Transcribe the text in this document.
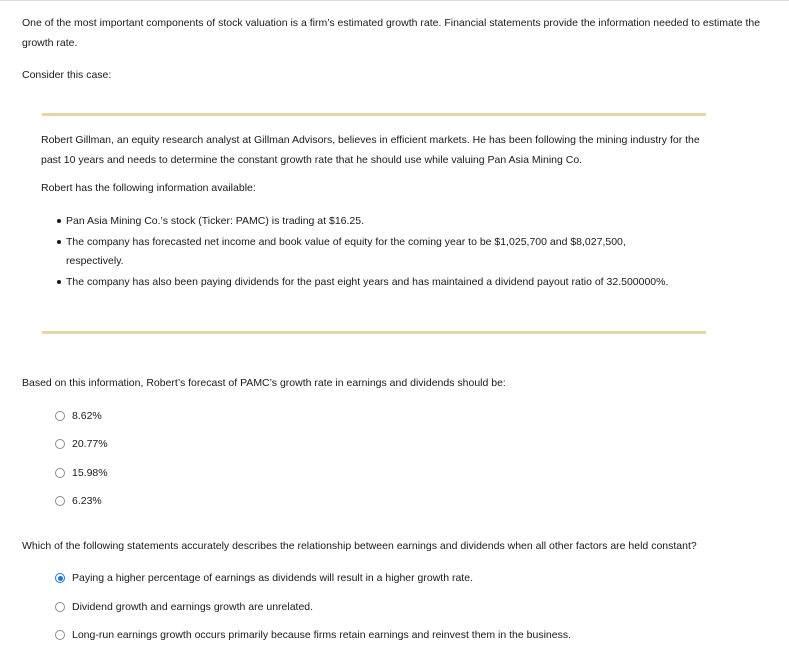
One of the most important components of stock valuation is a firm’s estimated growth rate. Financial statements provide the information needed to estimate the growth rate.

Consider this case:

Robert Gillman, an equity research analyst at Gillman Advisors, believes in efficient markets. He has been following the mining industry for the past 10 years and needs to determine the constant growth rate that he should use while valuing Pan Asia Mining Co.

Robert has the following information available:

Pan Asia Mining Co.’s stock (Ticker: PAMC) is trading at $16.25.
The company has forecasted net income and book value of equity for the coming year to be $1,025,700 and $8,027,500, respectively.
The company has also been paying dividends for the past eight years and has maintained a dividend payout ratio of 32.500000%.

Based on this information, Robert’s forecast of PAMC’s growth rate in earnings and dividends should be:

8.62%
20.77%
15.98%
6.23%

Which of the following statements accurately describes the relationship between earnings and dividends when all other factors are held constant?

Paying a higher percentage of earnings as dividends will result in a higher growth rate.
Dividend growth and earnings growth are unrelated.
Long-run earnings growth occurs primarily because firms retain earnings and reinvest them in the business.
